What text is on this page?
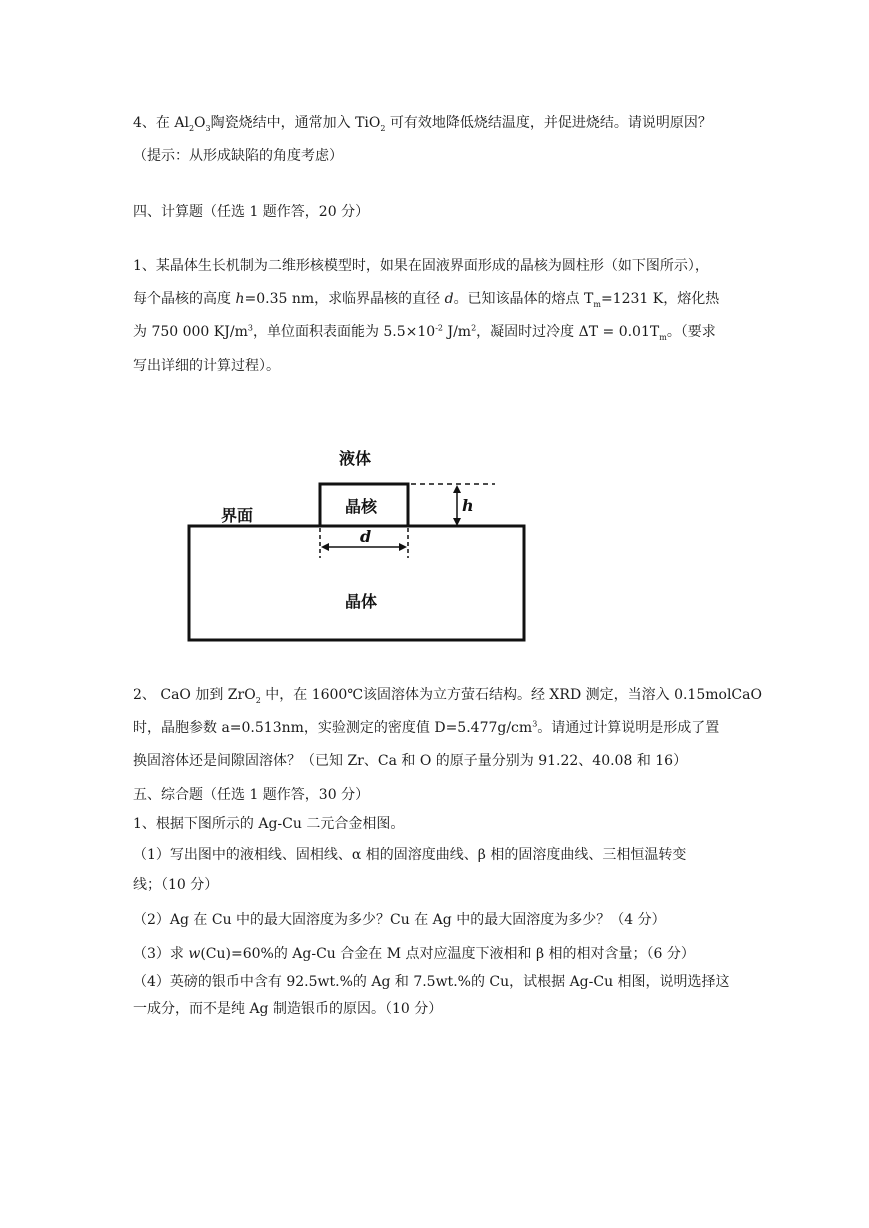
4、在 $Al_2O_3$陶瓷烧结中，通常加入 TiO$_2$ 可有效地降低烧结温度，并促进烧结。请说明原因？
（提示：从形成缺陷的角度考虑）
四、计算题（任选 1 题作答，20 分）
1、某晶体生长机制为二维形核模型时，如果在固液界面形成的晶核为圆柱形（如下图所示），
每个晶核的高度 h=0.35 nm，求临界晶核的直径 d。已知该晶体的熔点 $T_m=1231$ K，熔化热
为 750 000 $KJ/m^3$，单位面积表面能为 $5.5\times 10^{-2}$ $J/m^2$，凝固时过冷度 $\Delta T = 0.01T_m$。（要求
写出详细的计算过程）。
液体
晶核
界面
晶体
h
d
2、 CaO 加到 ZrO$_2$ 中，在 1600℃该固溶体为立方萤石结构。经 XRD 测定，当溶入 0.15molCaO
时，晶胞参数 a=0.513nm，实验测定的密度值 $D=5.477g/cm^3$。请通过计算说明是形成了置
换固溶体还是间隙固溶体？（已知 Zr、Ca 和 O 的原子量分别为 91.22、40.08 和 16）
五、综合题（任选 1 题作答，30 分）
1、根据下图所示的 Ag-Cu 二元合金相图。
（1）写出图中的液相线、固相线、α 相的固溶度曲线、β 相的固溶度曲线、三相恒温转变
线；（10 分）
（2）Ag 在 Cu 中的最大固溶度为多少？Cu 在 Ag 中的最大固溶度为多少？（4 分）
（3）求 w(Cu)=60%的 Ag-Cu 合金在 M 点对应温度下液相和 β 相的相对含量；（6 分）
（4）英磅的银币中含有 92.5wt.%的 Ag 和 7.5wt.%的 Cu，试根据 Ag-Cu 相图，说明选择这
一成分，而不是纯 Ag 制造银币的原因。（10 分）
